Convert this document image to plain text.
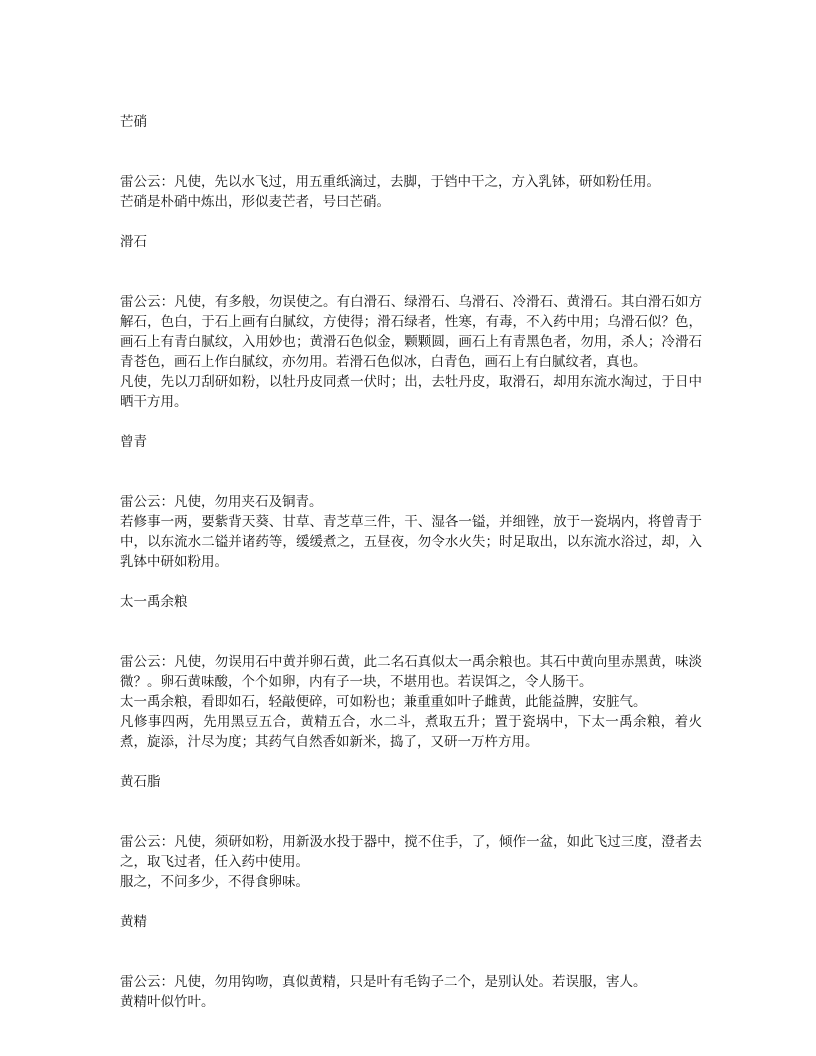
芒硝

雷公云：凡使，先以水飞过，用五重纸滴过，去脚，于铛中干之，方入乳钵，研如粉任用。

芒硝是朴硝中炼出，形似麦芒者，号曰芒硝。

滑石

雷公云：凡使，有多般，勿误使之。有白滑石、绿滑石、乌滑石、冷滑石、黄滑石。其白滑石如方解石，色白，于石上画有白腻纹，方使得；滑石绿者，性寒，有毒，不入药中用；乌滑石似？色，画石上有青白腻纹，入用妙也；黄滑石色似金，颗颗圆，画石上有青黑色者，勿用，杀人；冷滑石青苍色，画石上作白腻纹，亦勿用。若滑石色似冰，白青色，画石上有白腻纹者，真也。

凡使，先以刀刮研如粉，以牡丹皮同煮一伏时；出，去牡丹皮，取滑石，却用东流水淘过，于日中晒干方用。

曾青

雷公云：凡使，勿用夹石及铜青。

若修事一两，要紫背天葵、甘草、青芝草三件，干、湿各一镒，并细锉，放于一瓷埚内，将曾青于中，以东流水二镒并诸药等，缓缓煮之，五昼夜，勿令水火失；时足取出，以东流水浴过，却，入乳钵中研如粉用。

太一禹余粮

雷公云：凡使，勿误用石中黄并卵石黄，此二名石真似太一禹余粮也。其石中黄向里赤黑黄，味淡微？。卵石黄味酸，个个如卵，内有子一块，不堪用也。若误饵之，令人肠干。

太一禹余粮，看即如石，轻敲便碎，可如粉也；兼重重如叶子雌黄，此能益脾，安脏气。

凡修事四两，先用黑豆五合，黄精五合，水二斗，煮取五升；置于瓷埚中，下太一禹余粮，着火煮，旋添，汁尽为度；其药气自然香如新米，捣了，又研一万杵方用。

黄石脂

雷公云：凡使，须研如粉，用新汲水投于器中，搅不住手，了，倾作一盆，如此飞过三度，澄者去之，取飞过者，任入药中使用。

服之，不问多少，不得食卵味。

黄精

雷公云：凡使，勿用钩吻，真似黄精，只是叶有毛钩子二个，是别认处。若误服，害人。

黄精叶似竹叶。
